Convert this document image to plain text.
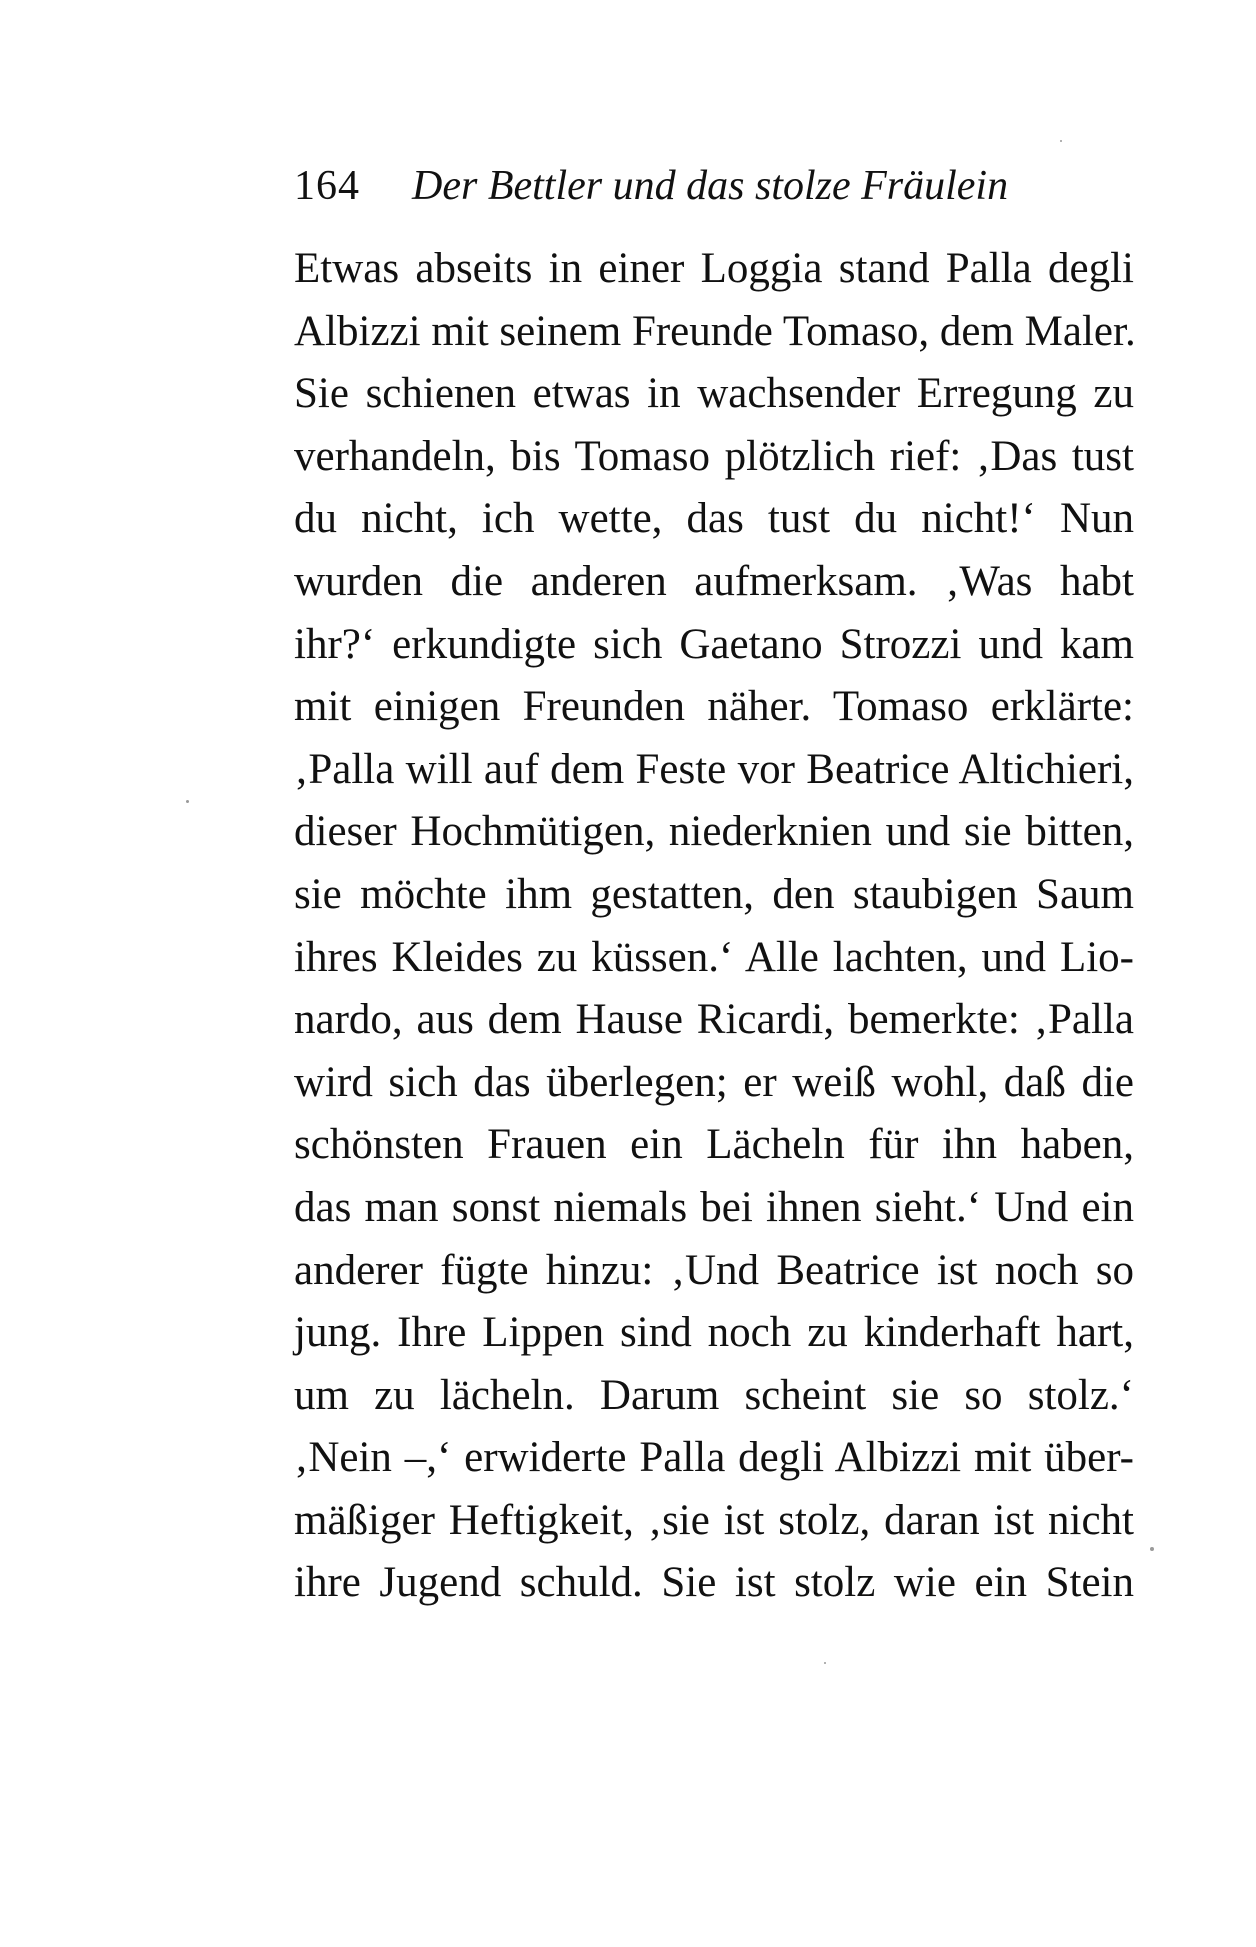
164 Der Bettler und das stolze Fräulein
Etwas abseits in einer Loggia stand Palla degli
Albizzi mit seinem Freunde Tomaso, dem Maler.
Sie schienen etwas in wachsender Erregung zu
verhandeln, bis Tomaso plötzlich rief: ‚Das tust
du nicht, ich wette, das tust du nicht!‘ Nun
wurden die anderen aufmerksam. ‚Was habt
ihr?‘ erkundigte sich Gaetano Strozzi und kam
mit einigen Freunden näher. Tomaso erklärte:
‚Palla will auf dem Feste vor Beatrice Altichieri,
dieser Hochmütigen, niederknien und sie bitten,
sie möchte ihm gestatten, den staubigen Saum
ihres Kleides zu küssen.‘ Alle lachten, und Lio-
nardo, aus dem Hause Ricardi, bemerkte: ‚Palla
wird sich das überlegen; er weiß wohl, daß die
schönsten Frauen ein Lächeln für ihn haben,
das man sonst niemals bei ihnen sieht.‘ Und ein
anderer fügte hinzu: ‚Und Beatrice ist noch so
jung. Ihre Lippen sind noch zu kinderhaft hart,
um zu lächeln. Darum scheint sie so stolz.‘
‚Nein –,‘ erwiderte Palla degli Albizzi mit über-
mäßiger Heftigkeit, ‚sie ist stolz, daran ist nicht
ihre Jugend schuld. Sie ist stolz wie ein Stein
